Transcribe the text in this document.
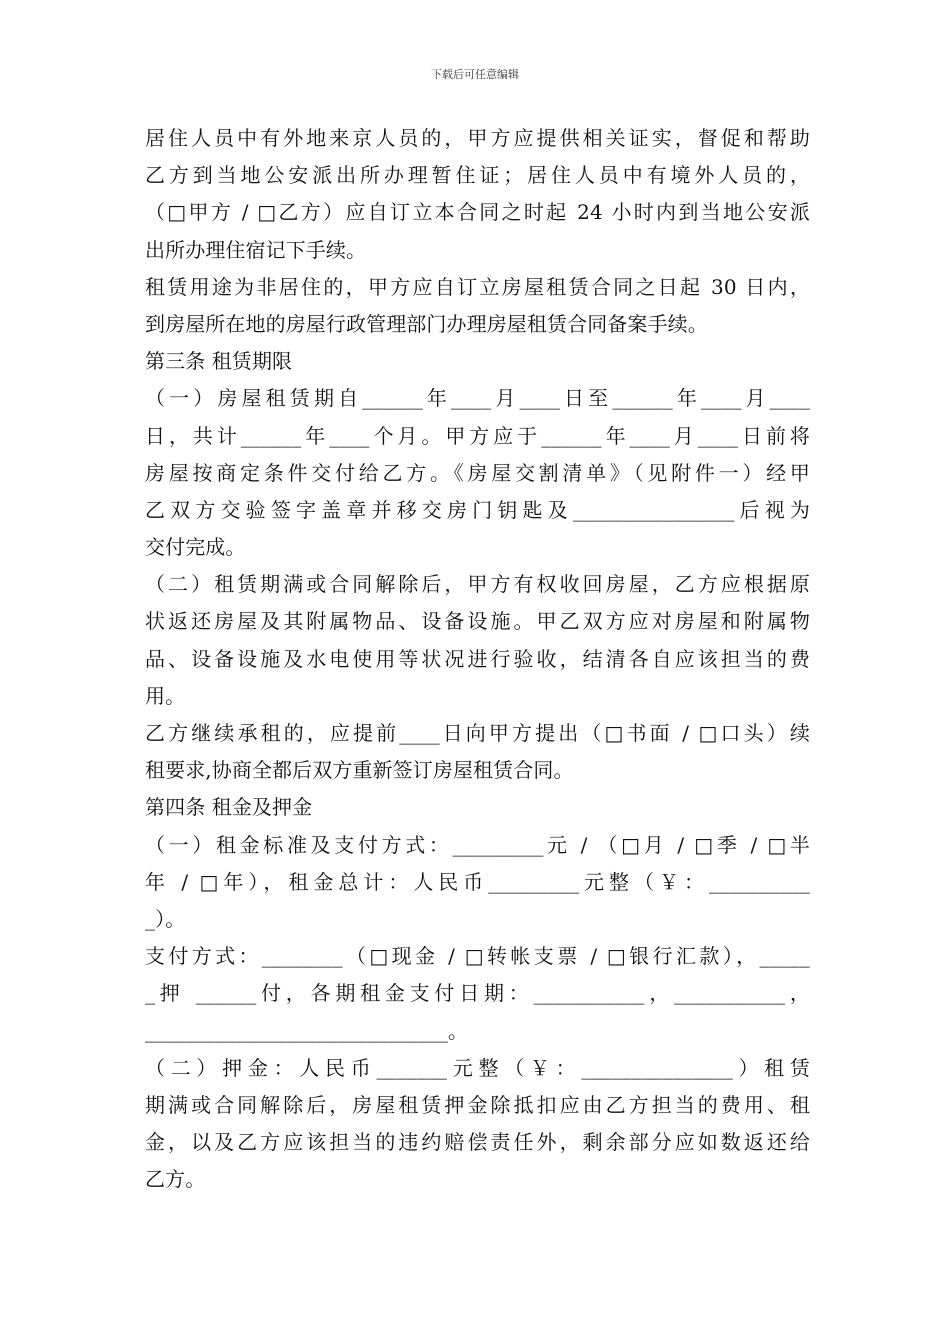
下载后可任意编辑
居住人员中有外地来京人员的，甲方应提供相关证实，督促和帮助
乙方到当地公安派出所办理暂住证；居住人员中有境外人员的，
（□甲方 / □乙方）应自订立本合同之时起 24 小时内到当地公安派
出所办理住宿记下手续。
租赁用途为非居住的，甲方应自订立房屋租赁合同之日起 30 日内，
到房屋所在地的房屋行政管理部门办理房屋租赁合同备案手续。
第三条 租赁期限
（一）房屋租赁期自______年____月____日至______年____月____
日，共计______年____个月。甲方应于______年____月____日前将
房屋按商定条件交付给乙方。《房屋交割清单》（见附件一）经甲
乙双方交验签字盖章并移交房门钥匙及________________后视为
交付完成。
（二）租赁期满或合同解除后，甲方有权收回房屋，乙方应根据原
状返还房屋及其附属物品、设备设施。甲乙双方应对房屋和附属物
品、设备设施及水电使用等状况进行验收，结清各自应该担当的费
用。
乙方继续承租的，应提前____日向甲方提出（□书面 / □口头）续
租要求,协商全都后双方重新签订房屋租赁合同。
第四条 租金及押金
（一）租金标准及支付方式：_________元 / （□月 / □季 / □半
年 / □年），租金总计：人民币_________元整（￥：__________
_）。
支付方式：________（□现金 / □转帐支票 / □银行汇款），_____
_押 ______付，各期租金支付日期：___________，___________，
______________________________。
（二）押金：人民币_______元整（￥：_______________）租赁
期满或合同解除后，房屋租赁押金除抵扣应由乙方担当的费用、租
金，以及乙方应该担当的违约赔偿责任外，剩余部分应如数返还给
乙方。
